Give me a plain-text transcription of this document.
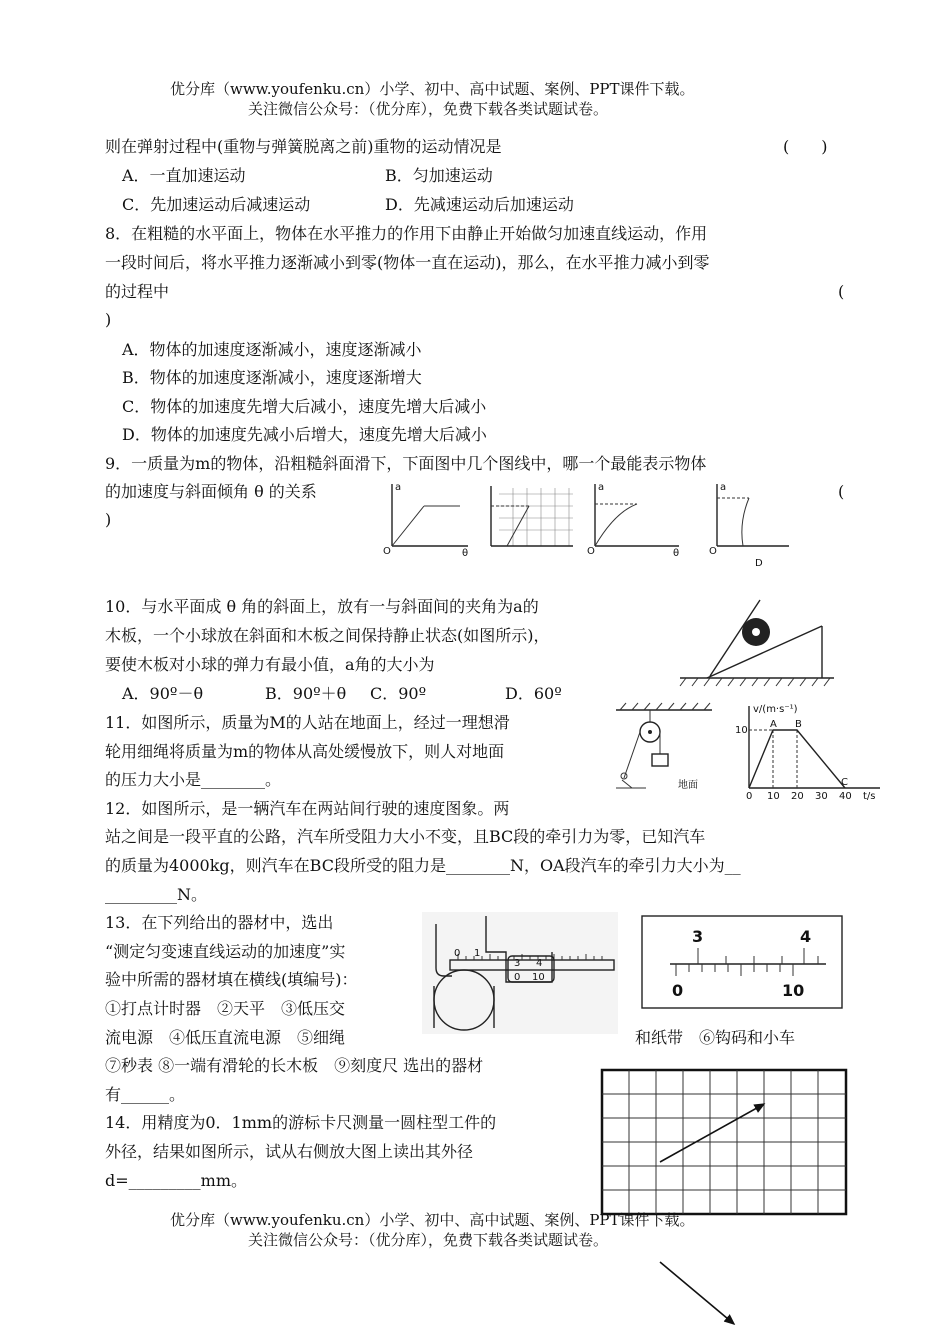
优分库（www.youfenku.cn）小学、初中、高中试题、案例、PPT课件下载。
关注微信公众号：（优分库），免费下载各类试题试卷。
则在弹射过程中(重物与弹簧脱离之前)重物的运动情况是	(　　)
A．一直加速运动	B．匀加速运动
C．先加速运动后减速运动	D．先减速运动后加速运动
8．在粗糙的水平面上，物体在水平推力的作用下由静止开始做匀加速直线运动，作用
一段时间后，将水平推力逐渐减小到零(物体一直在运动)，那么，在水平推力减小到零
的过程中	(
)
A．物体的加速度逐渐减小，速度逐渐减小
B．物体的加速度逐渐减小，速度逐渐增大
C．物体的加速度先增大后减小，速度先增大后减小
D．物体的加速度先减小后增大，速度先增大后减小
9．一质量为m的物体，沿粗糙斜面滑下，下面图中几个图线中，哪一个最能表示物体
的加速度与斜面倾角 θ 的关系	(
)
a
O	θ
a
O	θ
a
O
D
10．与水平面成 θ 角的斜面上，放有一与斜面间的夹角为a的
木板，一个小球放在斜面和木板之间保持静止状态(如图所示)，
要使木板对小球的弹力有最小值，a角的大小为
A．90º－θ	B．90º＋θ C．90º	D．60º
11．如图所示，质量为M的人站在地面上，经过一理想滑
轮用细绳将质量为m的物体从高处缓慢放下，则人对地面
的压力大小是________。	地面
v/(m·s⁻¹)
10
A B
C
0 10 20 30 40 t/s
12．如图所示，是一辆汽车在两站间行驶的速度图象。两
站之间是一段平直的公路，汽车所受阻力大小不变，且BC段的牵引力为零，已知汽车
的质量为4000kg，则汽车在BC段所受的阻力是________N，OA段汽车的牵引力大小为__
_________N。
13．在下列给出的器材中，选出
“测定匀变速直线运动的加速度”实
验中所需的器材填在横线(填编号)：
①打点计时器　②天平　③低压交
流电源　④低压直流电源　⑤细绳	和纸带　⑥钩码和小车
⑦秒表 ⑧一端有滑轮的长木板　⑨刻度尺 选出的器材
有______。
0 1
3 4
0 10
3	4
0	10
14．用精度为0．1mm的游标卡尺测量一圆柱型工件的
外径，结果如图所示，试从右侧放大图上读出其外径
d=_________mm。
优分库（www.youfenku.cn）小学、初中、高中试题、案例、PPT课件下载。
关注微信公众号：（优分库），免费下载各类试题试卷。
